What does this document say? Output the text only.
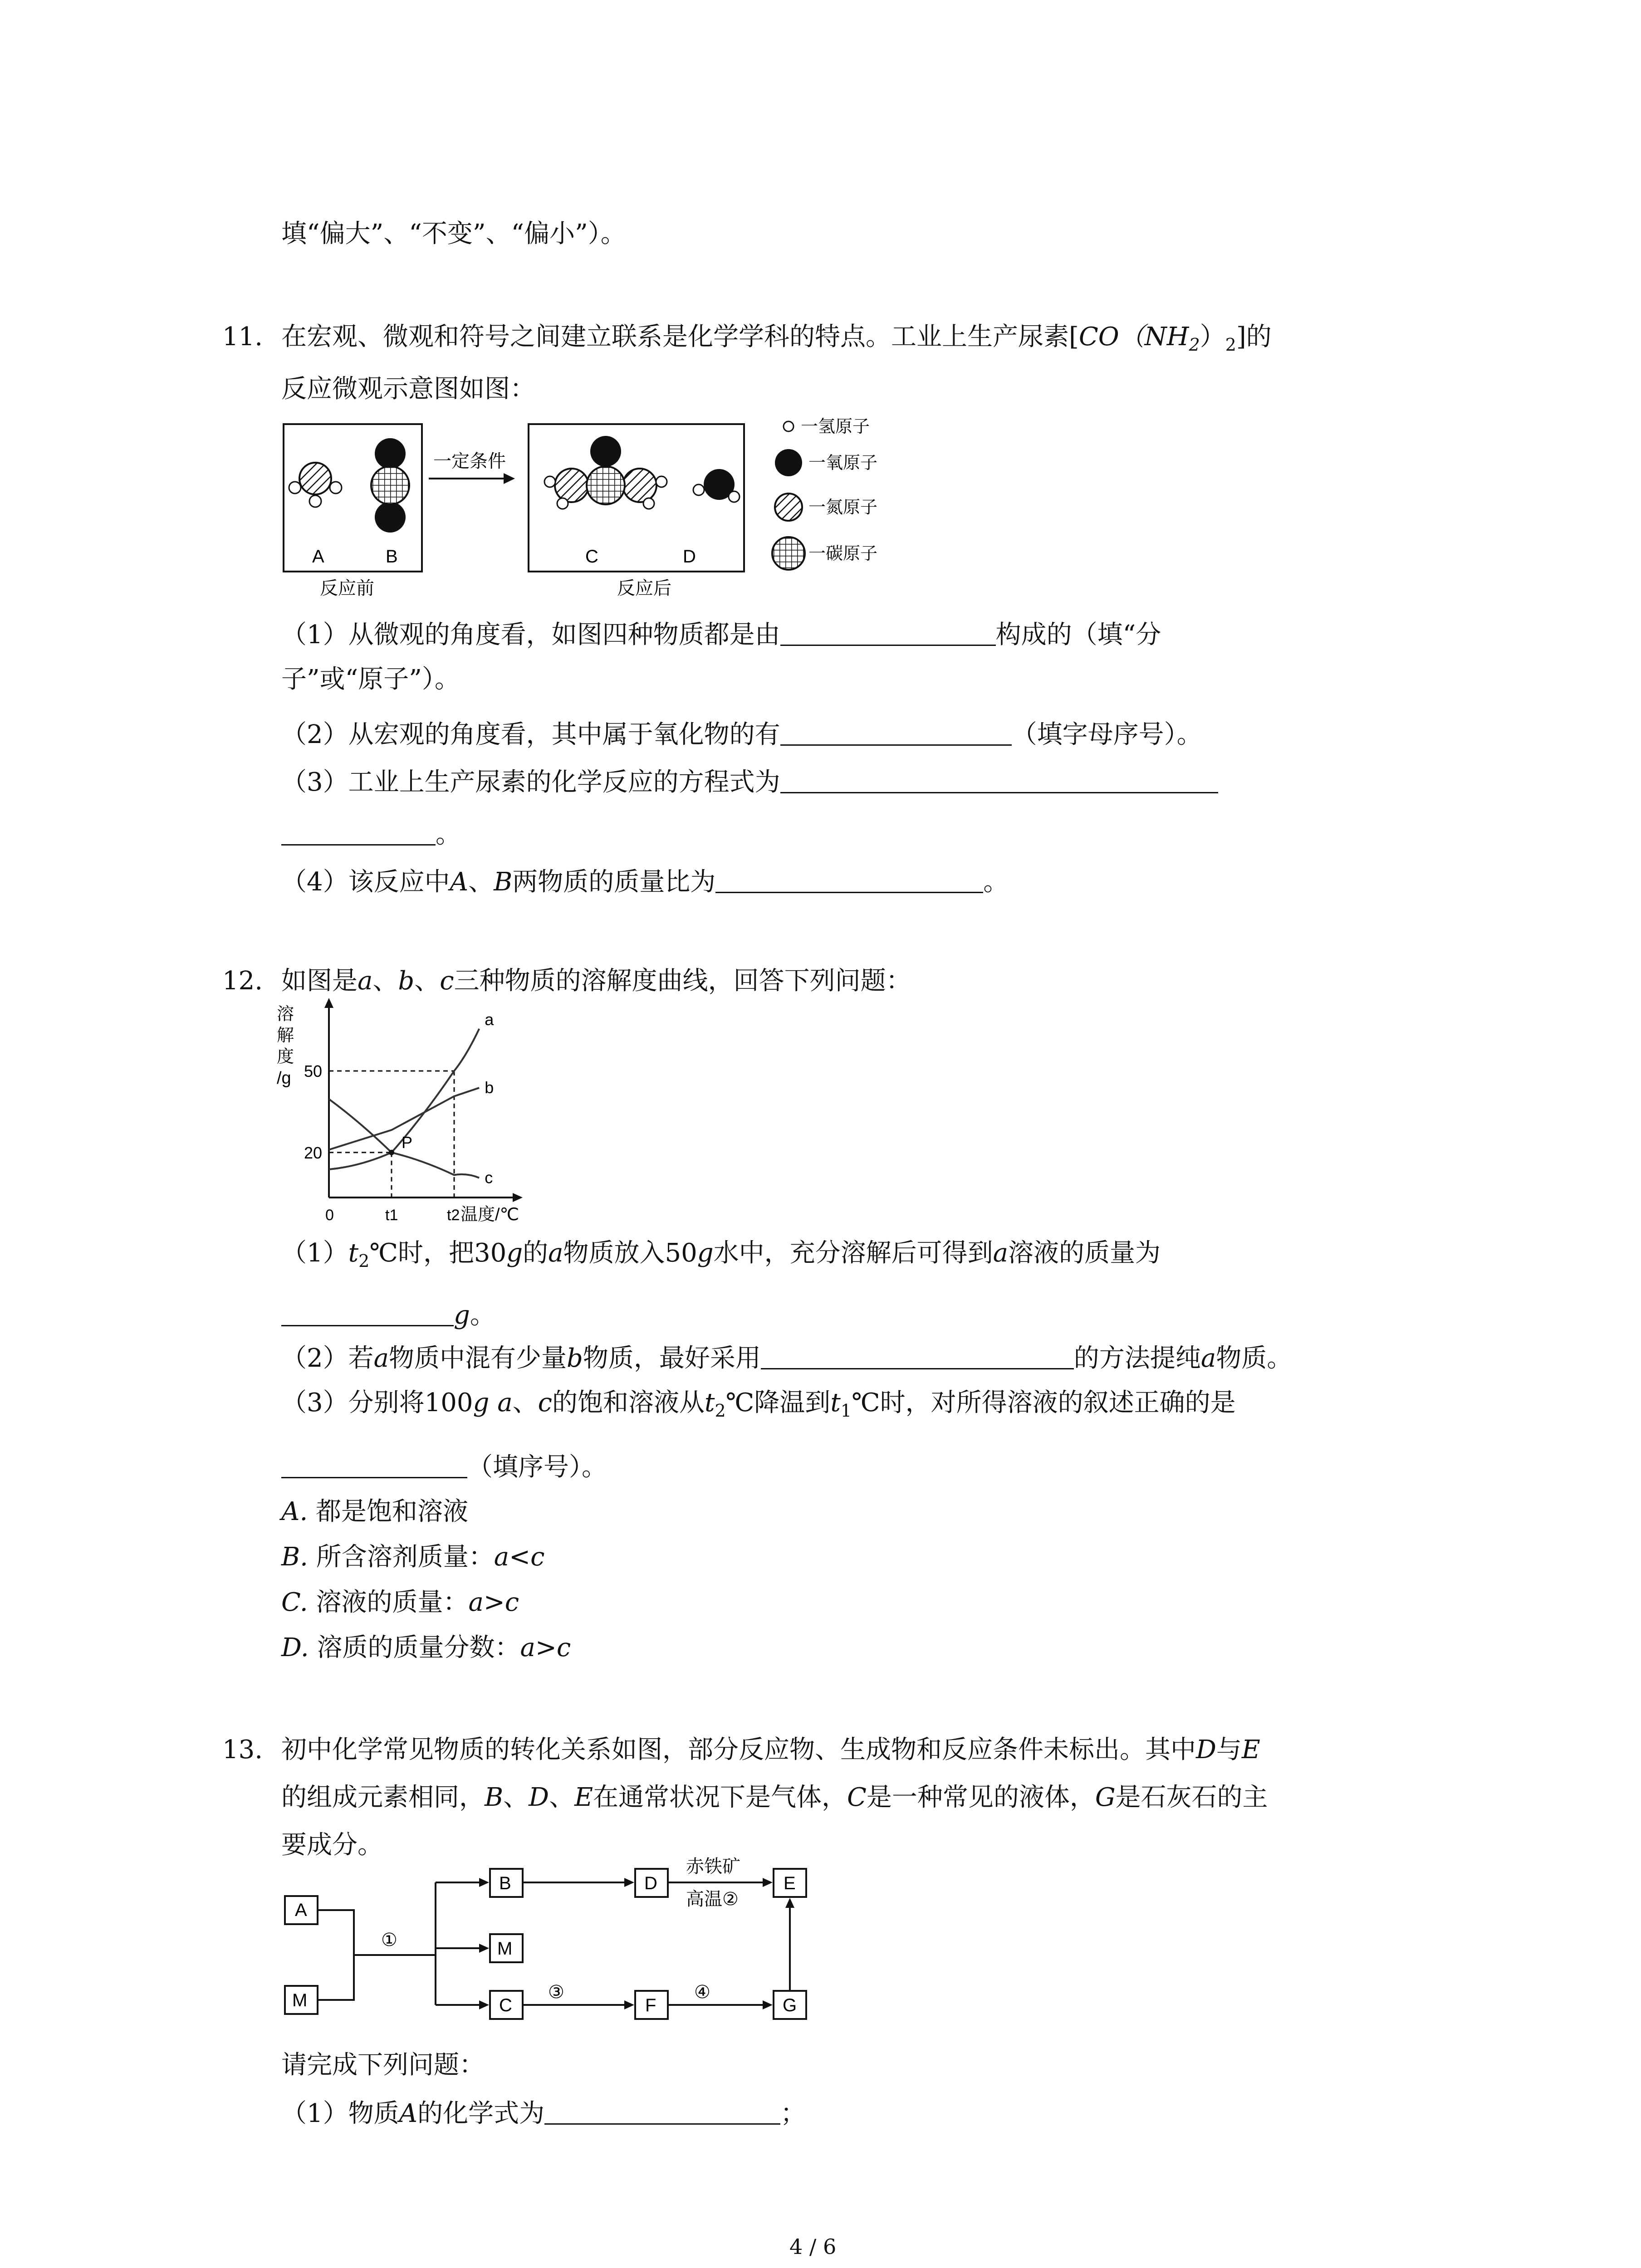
填“偏大”、“不变”、“偏小”）。
11. 在宏观、微观和符号之间建立联系是化学学科的特点。工业上生产尿素$[CO(NH_2)_2]$的
反应微观示意图如图：
A	B
反应前
一定条件
C	D
反应后
一氢原子
一氧原子
一氮原子
一碳原子
（1）从微观的角度看，如图四种物质都是由	构成的（填“分
子”或“原子”）。
（2）从宏观的角度看，其中属于氧化物的有	（填字母序号）。
（3）工业上生产尿素的化学反应的方程式为
。
（4）该反应中A、B两物质的质量比为	。
12. 如图是a、b、c三种物质的溶解度曲线，回答下列问题：
溶
解
度
/g
温度/℃
50
20
0	t1	t2
a
b
c
P
$(1)t_2℃$时，把30g的a物质放入50g水中，充分溶解后可得到a溶液的质量为
g。
（2）若a物质中混有少量b物质，最好采用	的方法提纯a物质。
（3）分别将100g a、c的饱和溶液从$t_2℃$降温到$t_1℃$时，对所得溶液的叙述正确的是
（填序号）。
A. 都是饱和溶液
B. 所含溶剂质量：a<c
C. 溶液的质量：a>c
D. 溶质的质量分数：a>c
13. 初中化学常见物质的转化关系如图，部分反应物、生成物和反应条件未标出。其中D与E
的组成元素相同，B、D、E在通常状况下是气体，C是一种常见的液体，G是石灰石的主
要成分。
A
M
①
B
M
C
D
③
F
赤铁矿
高温②
E
④
G
请完成下列问题：
（1）物质A的化学式为	；
4 / 6
